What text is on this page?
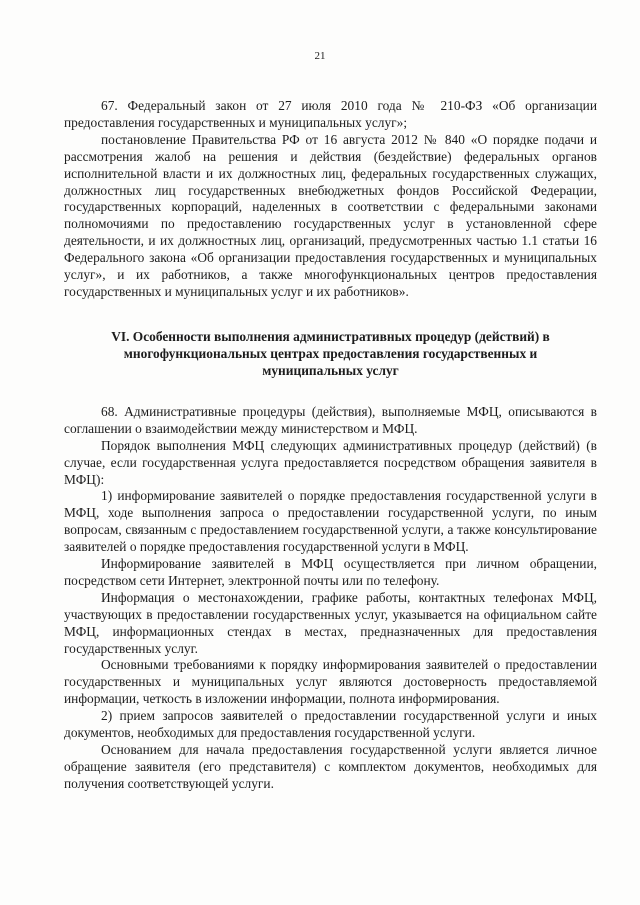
21

67. Федеральный закон от 27 июля 2010 года № 210-ФЗ «Об организации предоставления государственных и муниципальных услуг»;

постановление Правительства РФ от 16 августа 2012 № 840 «О порядке подачи и рассмотрения жалоб на решения и действия (бездействие) федеральных органов исполнительной власти и их должностных лиц, федеральных государственных служащих, должностных лиц государственных внебюджетных фондов Российской Федерации, государственных корпораций, наделенных в соответствии с федеральными законами полномочиями по предоставлению государственных услуг в установленной сфере деятельности, и их должностных лиц, организаций, предусмотренных частью 1.1 статьи 16 Федерального закона «Об организации предоставления государственных и муниципальных услуг», и их работников, а также многофункциональных центров предоставления государственных и муниципальных услуг и их работников».

VI. Особенности выполнения административных процедур (действий) в многофункциональных центрах предоставления государственных и муниципальных услуг

68. Административные процедуры (действия), выполняемые МФЦ, описываются в соглашении о взаимодействии между министерством и МФЦ.

Порядок выполнения МФЦ следующих административных процедур (действий) (в случае, если государственная услуга предоставляется посредством обращения заявителя в МФЦ):

1) информирование заявителей о порядке предоставления государственной услуги в МФЦ, ходе выполнения запроса о предоставлении государственной услуги, по иным вопросам, связанным с предоставлением государственной услуги, а также консультирование заявителей о порядке предоставления государственной услуги в МФЦ.

Информирование заявителей в МФЦ осуществляется при личном обращении, посредством сети Интернет, электронной почты или по телефону.

Информация о местонахождении, графике работы, контактных телефонах МФЦ, участвующих в предоставлении государственных услуг, указывается на официальном сайте МФЦ, информационных стендах в местах, предназначенных для предоставления государственных услуг.

Основными требованиями к порядку информирования заявителей о предоставлении государственных и муниципальных услуг являются достоверность предоставляемой информации, четкость в изложении информации, полнота информирования.

2) прием запросов заявителей о предоставлении государственной услуги и иных документов, необходимых для предоставления государственной услуги.

Основанием для начала предоставления государственной услуги является личное обращение заявителя (его представителя) с комплектом документов, необходимых для получения соответствующей услуги.
